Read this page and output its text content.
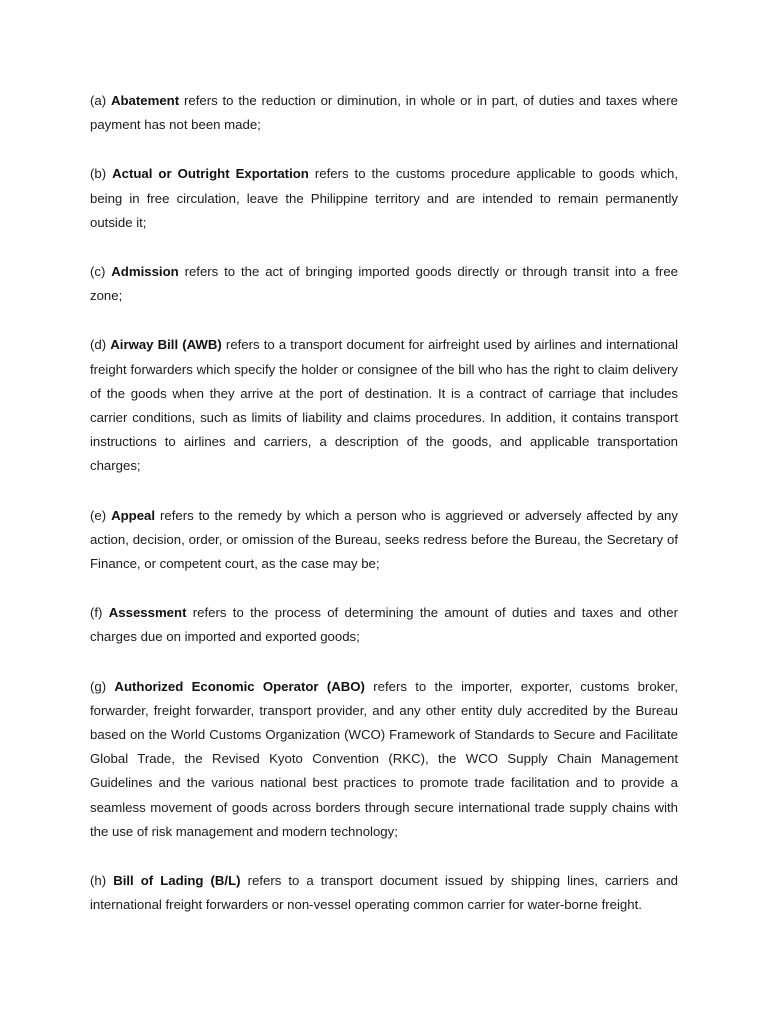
(a) Abatement refers to the reduction or diminution, in whole or in part, of duties and taxes where payment has not been made;

(b) Actual or Outright Exportation refers to the customs procedure applicable to goods which, being in free circulation, leave the Philippine territory and are intended to remain permanently outside it;

(c) Admission refers to the act of bringing imported goods directly or through transit into a free zone;

(d) Airway Bill (AWB) refers to a transport document for airfreight used by airlines and international freight forwarders which specify the holder or consignee of the bill who has the right to claim delivery of the goods when they arrive at the port of destination. It is a contract of carriage that includes carrier conditions, such as limits of liability and claims procedures. In addition, it contains transport instructions to airlines and carriers, a description of the goods, and applicable transportation charges;

(e) Appeal refers to the remedy by which a person who is aggrieved or adversely affected by any action, decision, order, or omission of the Bureau, seeks redress before the Bureau, the Secretary of Finance, or competent court, as the case may be;

(f) Assessment refers to the process of determining the amount of duties and taxes and other charges due on imported and exported goods;

(g) Authorized Economic Operator (ABO) refers to the importer, exporter, customs broker, forwarder, freight forwarder, transport provider, and any other entity duly accredited by the Bureau based on the World Customs Organization (WCO) Framework of Standards to Secure and Facilitate Global Trade, the Revised Kyoto Convention (RKC), the WCO Supply Chain Management Guidelines and the various national best practices to promote trade facilitation and to provide a seamless movement of goods across borders through secure international trade supply chains with the use of risk management and modern technology;

(h) Bill of Lading (B/L) refers to a transport document issued by shipping lines, carriers and international freight forwarders or non-vessel operating common carrier for water-borne freight.
